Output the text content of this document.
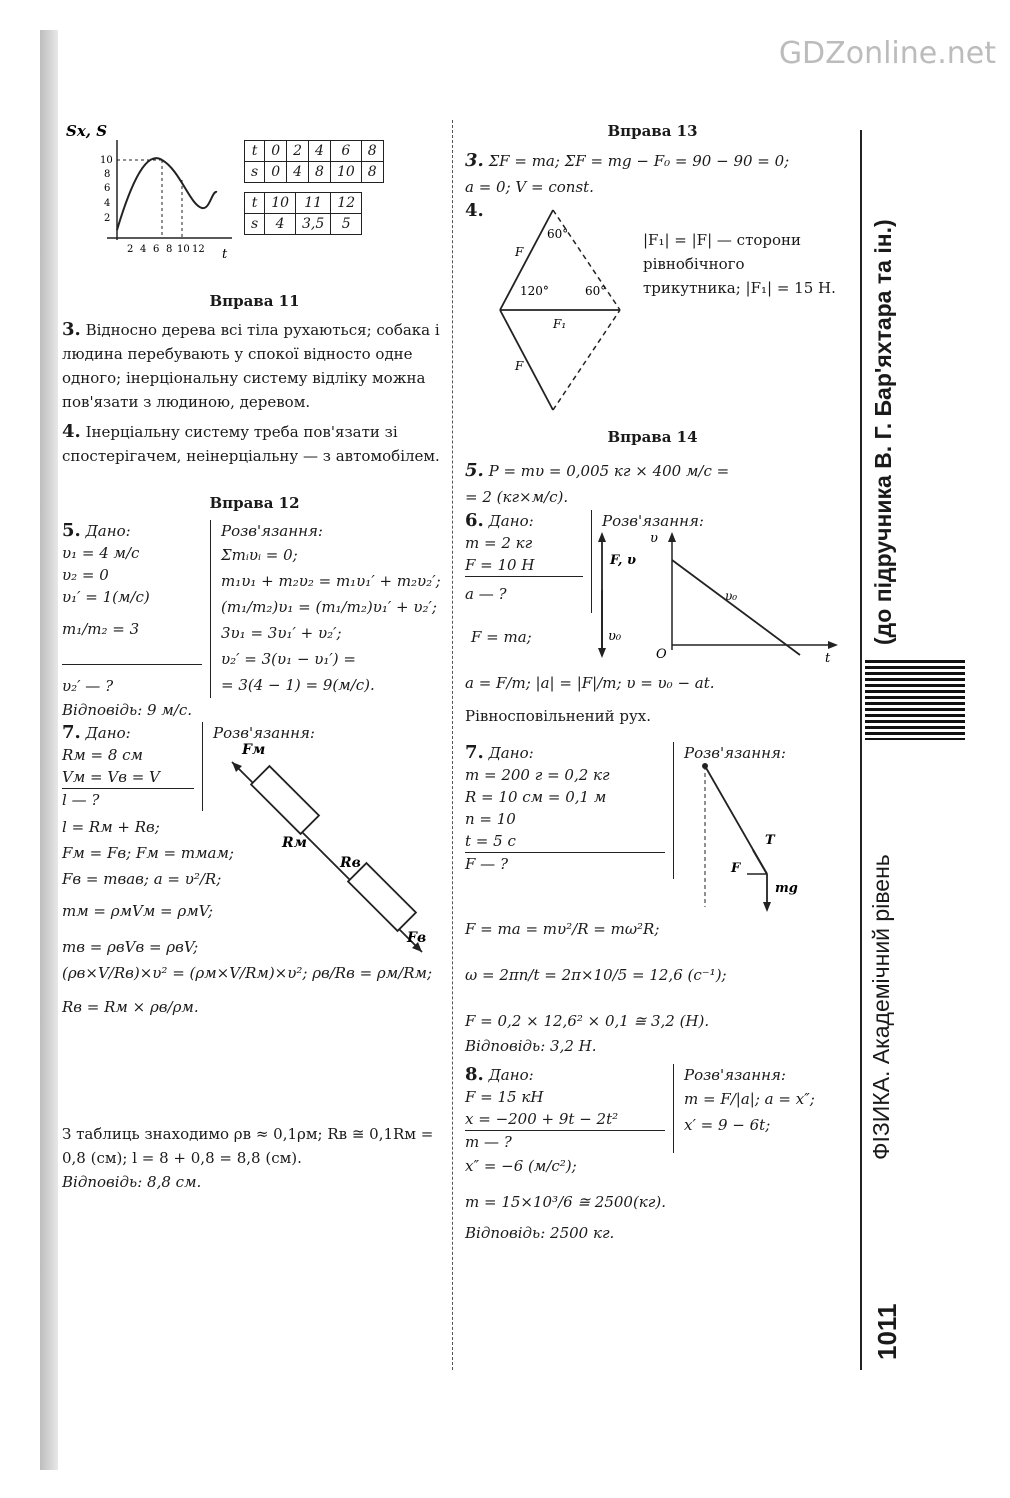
GDZonline.net
Sx, S
10
8
6
4
2
2 4 6 8 10 12 t
t	0	2	4	6	8
s	0	4	8	10	8
t	10	11	12
s	4	3,5	5
Вправа 11

3. Відносно дерева всі тіла рухаються; собака і людина перебувають у спокої відносто одне одного; інерціональну систему відліку можна пов'язати з людиною, деревом.

4. Інерціальну систему треба пов'язати зі спостерігачем, неінерціальну — з автомобілем.

Вправа 12
5. Дано:
υ₁ = 4 м/с
υ₂ = 0
υ₁′ = 1(м/с)
m₁/m₂ = 3
υ₂′ — ?
Розв'язання:
Σmᵢυᵢ = 0;
m₁υ₁ + m₂υ₂ = m₁υ₁′ + m₂υ₂′;
(m₁/m₂)υ₁ = (m₁/m₂)υ₁′ + υ₂′;
3υ₁ = 3υ₁′ + υ₂′;
υ₂′ = 3(υ₁ − υ₁′) =
= 3(4 − 1) = 9(м/с).
Відповідь: 9 м/с.
7. Дано:
Rм = 8 см
Vм = Vв = V
l — ?
Розв'язання:
l = Rм + Rв;
Fм = Fв; Fм = mмaм;
Fв = mвaв; a = υ²/R;
mм = ρмVм = ρмV;
mв = ρвVв = ρвV;
(ρв×V/Rв)×υ² = (ρм×V/Rм)×υ²; ρв/Rв = ρм/Rм;
Rв = Rм × ρв/ρм.
Fм
Rм
Rв
Fв

З таблиць знаходимо ρв ≈ 0,1ρм; Rв ≅ 0,1Rм = 0,8 (см); l = 8 + 0,8 = 8,8 (см).

Відповідь: 8,8 см.
Вправа 13

3. ΣF = ma; ΣF = mg − F₀ = 90 − 90 = 0;

a = 0; V = const.

4.
F
60°
120°	60°
F₁
F

|F₁| = |F| — сторони рівнобічного трикутника; |F₁| = 15 Н.

Вправа 14

5. P = mυ = 0,005 кг × 400 м/с =

= 2 (кг×м/с).

6. Дано:
m = 2 кг
F = 10 Н
a — ?
Розв'язання:
F = ma;
F, υ
υ₀
υ
υ₀
O	t
a = F/m; |a| = |F|/m; υ = υ₀ − at.

Рівносповільнений рух.

7. Дано:
m = 200 г = 0,2 кг
R = 10 см = 0,1 м
n = 10
t = 5 с
F — ?
Розв'язання:
T
F
mg
F = ma = mυ²/R = mω²R;
ω = 2πn/t = 2π×10/5 = 12,6 (с⁻¹);
F = 0,2 × 12,6² × 0,1 ≅ 3,2 (Н).
Відповідь: 3,2 Н.
8. Дано:
F = 15 кН
x = −200 + 9t − 2t²
m — ?
Розв'язання:
m = F/|a|; a = x″;
x′ = 9 − 6t;
x″ = −6 (м/с²);
m = 15×10³/6 ≅ 2500(кг).
Відповідь: 2500 кг.
(до підручника В. Г. Бар'яхтара та ін.)
ФІЗИКА. Академічний рівень
1011
